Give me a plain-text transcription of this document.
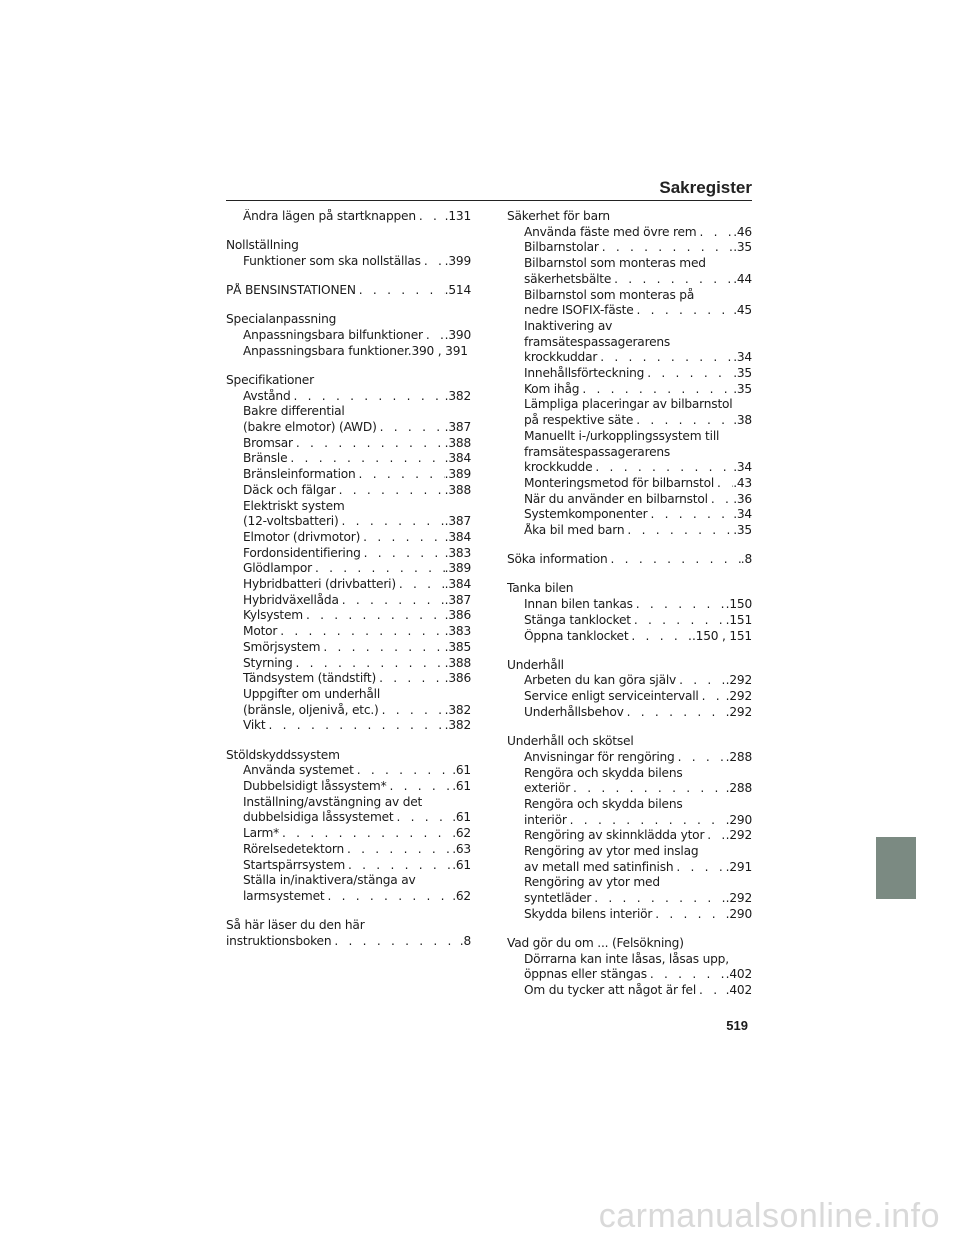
Sakregister
Ändra lägen på startknappen . . . .131
Nollställning
Funktioner som ska nollställas . . . .399
PÅ BENSINSTATIONEN . . .	.514
Specialanpassning
Anpassningsbara bilfunktioner . . . .390
Anpassningsbara funktioner.390 , 391
Specifikationer
Avstånd . . .	.382
Bakre differential
(bakre elmotor) (AWD) . . .	.387
Bromsar . . .	.388
Bränsle . . .	.384
Bränsleinformation . . .	.389
Däck och fälgar . . .	.388
Elektriskt system
(12-voltsbatteri) . . .	.387
Elmotor (drivmotor) . . .	.384
Fordonsidentifiering . . .	.383
Glödlampor . . .	.389
Hybridbatteri (drivbatteri) . . .	.384
Hybridväxellåda . . .	.387
Kylsystem . . .	.386
Motor . . .	.383
Smörjsystem . . .	.385
Styrning . . .	.388
Tändsystem (tändstift) . . .	.386
Uppgifter om underhåll
(bränsle, oljenivå, etc.) . . .	.382
Vikt . . .	.382
Stöldskyddssystem
Använda systemet . . .	.61
Dubbelsidigt låssystem* . . .	.61
Inställning/avstängning av det
dubbelsidiga låssystemet . . .	.61
Larm* . . .	.62
Rörelsedetektorn . . .	.63
Startspärrsystem . . .	.61
Ställa in/inaktivera/stänga av
larmsystemet . . .	.62
Så här läser du den här
instruktionsboken . . .	.8
Säkerhet för barn
Använda fäste med övre rem . . .	.46
Bilbarnstolar . . .	.35
Bilbarnstol som monteras med
säkerhetsbälte . . .	.44
Bilbarnstol som monteras på
nedre ISOFIX-fäste . . .	.45
Inaktivering av
framsätespassagerarens
krockkuddar . . .	.34
Innehållsförteckning . . .	.35
Kom ihåg . . .	.35
Lämpliga placeringar av bilbarnstol
på respektive säte . . .	.38
Manuellt i-/urkopplingssystem till
framsätespassagerarens
krockkudde . . .	.34
Monteringsmetod för bilbarnstol . . . .43
När du använder en bilbarnstol . . . .36
Systemkomponenter . . .	.34
Åka bil med barn . . .	.35
Söka information . . .	.8
Tanka bilen
Innan bilen tankas . . .	.150
Stänga tanklocket . . .	.151
Öppna tanklocket . . .	.150 , 151
Underhåll
Arbeten du kan göra själv . . .	.292
Service enligt serviceintervall . . . .292
Underhållsbehov . . .	.292
Underhåll och skötsel
Anvisningar för rengöring . . .	.288
Rengöra och skydda bilens
exteriör . . .	.288
Rengöra och skydda bilens
interiör . . .	.290
Rengöring av skinnklädda ytor . . . .292
Rengöring av ytor med inslag
av metall med satinfinish . . .	.291
Rengöring av ytor med
syntetläder . . .	.292
Skydda bilens interiör . . .	.290
Vad gör du om ... (Felsökning)
Dörrarna kan inte låsas, låsas upp,
öppnas eller stängas . . .	.402
Om du tycker att något är fel . . . .402
519
carmanualsonline.info
